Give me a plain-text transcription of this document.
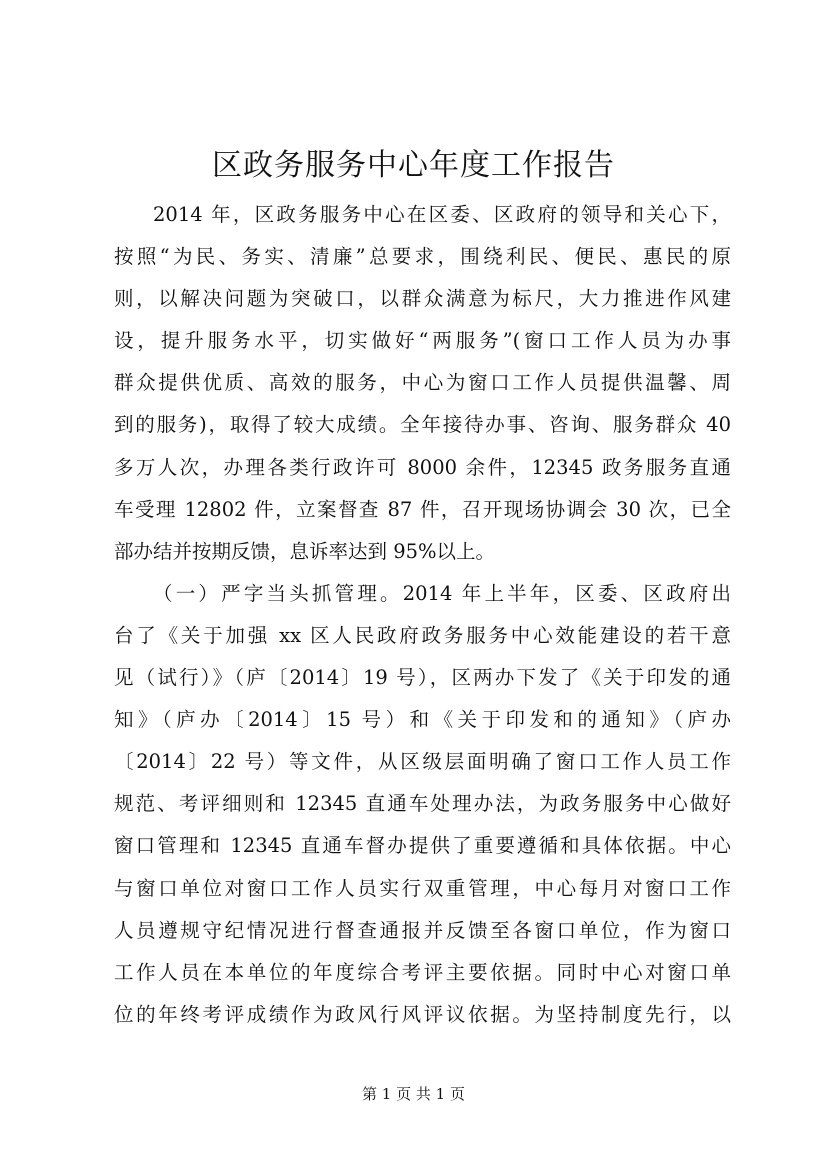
区政务服务中心年度工作报告
2014 年，区政务服务中心在区委、区政府的领导和关心下，
按照“为民、务实、清廉”总要求，围绕利民、便民、惠民的原
则，以解决问题为突破口，以群众满意为标尺，大力推进作风建
设，提升服务水平，切实做好“两服务”(窗口工作人员为办事
群众提供优质、高效的服务，中心为窗口工作人员提供温馨、周
到的服务)，取得了较大成绩。全年接待办事、咨询、服务群众 40
多万人次，办理各类行政许可 8000 余件，12345 政务服务直通
车受理 12802 件，立案督查 87 件，召开现场协调会 30 次，已全
部办结并按期反馈，息诉率达到 95%以上。
（一）严字当头抓管理。2014 年上半年，区委、区政府出
台了《关于加强 xx 区人民政府政务服务中心效能建设的若干意
见（试行）》（庐〔2014〕19 号），区两办下发了《关于印发的通
知》（庐办〔2014〕15 号）和《关于印发和的通知》（庐办
〔2014〕22 号）等文件，从区级层面明确了窗口工作人员工作
规范、考评细则和 12345 直通车处理办法，为政务服务中心做好
窗口管理和 12345 直通车督办提供了重要遵循和具体依据。中心
与窗口单位对窗口工作人员实行双重管理，中心每月对窗口工作
人员遵规守纪情况进行督查通报并反馈至各窗口单位，作为窗口
工作人员在本单位的年度综合考评主要依据。同时中心对窗口单
位的年终考评成绩作为政风行风评议依据。为坚持制度先行，以
第 1 页 共 1 页
